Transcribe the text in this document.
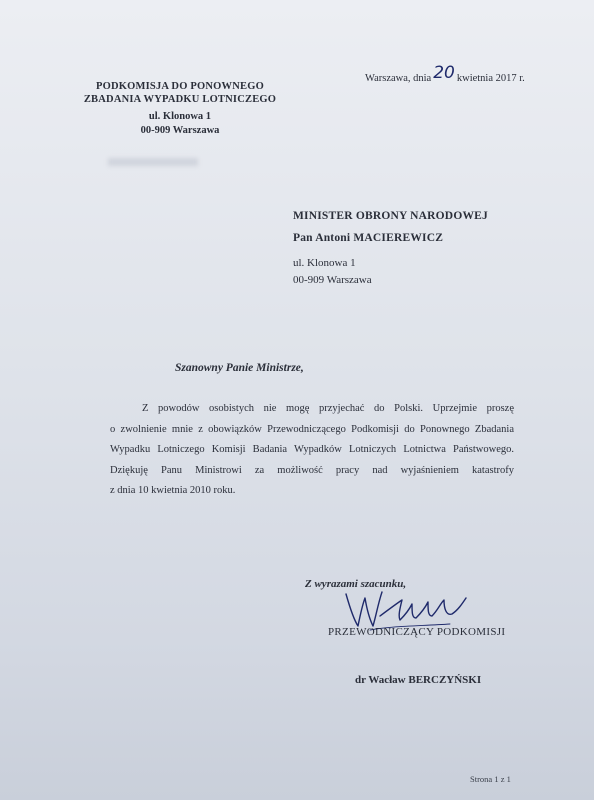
PODKOMISJA DO PONOWNEGO
ZBADANIA WYPADKU LOTNICZEGO
ul. Klonowa 1
00-909 Warszawa
Warszawa, dnia 20 kwietnia 2017 r.
MINISTER OBRONY NARODOWEJ
Pan Antoni MACIEREWICZ
ul. Klonowa 1
00-909 Warszawa
Szanowny Panie Ministrze,
Z powodów osobistych nie mogę przyjechać do Polski. Uprzejmie proszę
o zwolnienie mnie z obowiązków Przewodniczącego Podkomisji do Ponownego Zbadania
Wypadku Lotniczego Komisji Badania Wypadków Lotniczych Lotnictwa Państwowego.
Dziękuję Panu Ministrowi za możliwość pracy nad wyjaśnieniem katastrofy
z dnia 10 kwietnia 2010 roku.
Z wyrazami szacunku,
PRZEWODNICZĄCY PODKOMISJI
dr Wacław BERCZYŃSKI
Strona 1 z 1
